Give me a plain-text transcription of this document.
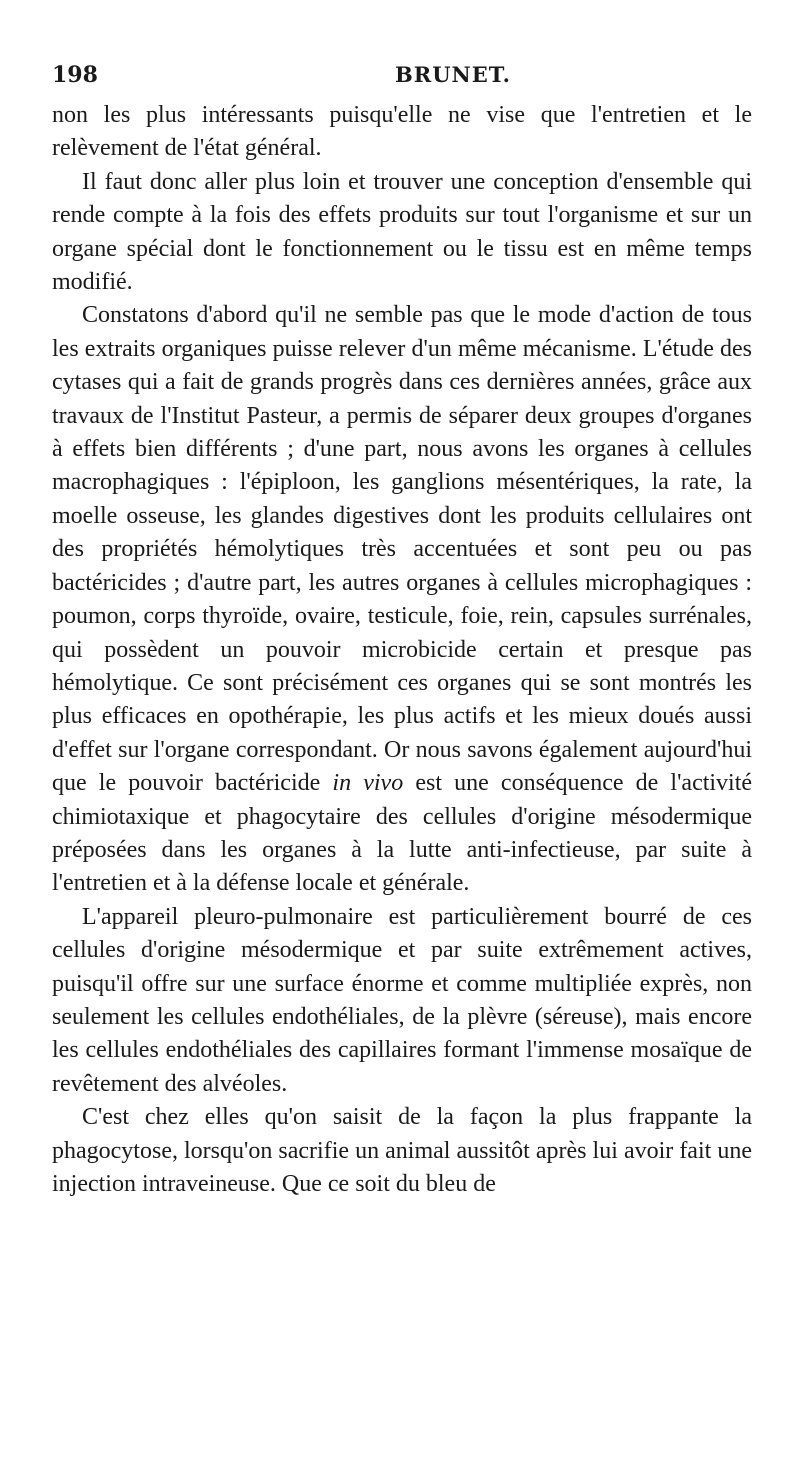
198	BRUNET.

non les plus intéressants puisqu'elle ne vise que l'entretien et le relèvement de l'état général.

Il faut donc aller plus loin et trouver une conception d'ensemble qui rende compte à la fois des effets produits sur tout l'organisme et sur un organe spécial dont le fonctionnement ou le tissu est en même temps modifié.

Constatons d'abord qu'il ne semble pas que le mode d'action de tous les extraits organiques puisse relever d'un même mécanisme. L'étude des cytases qui a fait de grands progrès dans ces dernières années, grâce aux travaux de l'Institut Pasteur, a permis de séparer deux groupes d'organes à effets bien différents ; d'une part, nous avons les organes à cellules macrophagiques : l'épiploon, les ganglions mésentériques, la rate, la moelle osseuse, les glandes digestives dont les produits cellulaires ont des propriétés hémolytiques très accentuées et sont peu ou pas bactéricides ; d'autre part, les autres organes à cellules microphagiques : poumon, corps thyroïde, ovaire, testicule, foie, rein, capsules surrénales, qui possèdent un pouvoir microbicide certain et presque pas hémolytique. Ce sont précisément ces organes qui se sont montrés les plus efficaces en opothérapie, les plus actifs et les mieux doués aussi d'effet sur l'organe correspondant. Or nous savons également aujourd'hui que le pouvoir bactéricide in vivo est une conséquence de l'activité chimiotaxique et phagocytaire des cellules d'origine mésodermique préposées dans les organes à la lutte anti-infectieuse, par suite à l'entretien et à la défense locale et générale.

L'appareil pleuro-pulmonaire est particulièrement bourré de ces cellules d'origine mésodermique et par suite extrêmement actives, puisqu'il offre sur une surface énorme et comme multipliée exprès, non seulement les cellules endothéliales, de la plèvre (séreuse), mais encore les cellules endothéliales des capillaires formant l'immense mosaïque de revêtement des alvéoles.

C'est chez elles qu'on saisit de la façon la plus frappante la phagocytose, lorsqu'on sacrifie un animal aussitôt après lui avoir fait une injection intraveineuse. Que ce soit du bleu de
